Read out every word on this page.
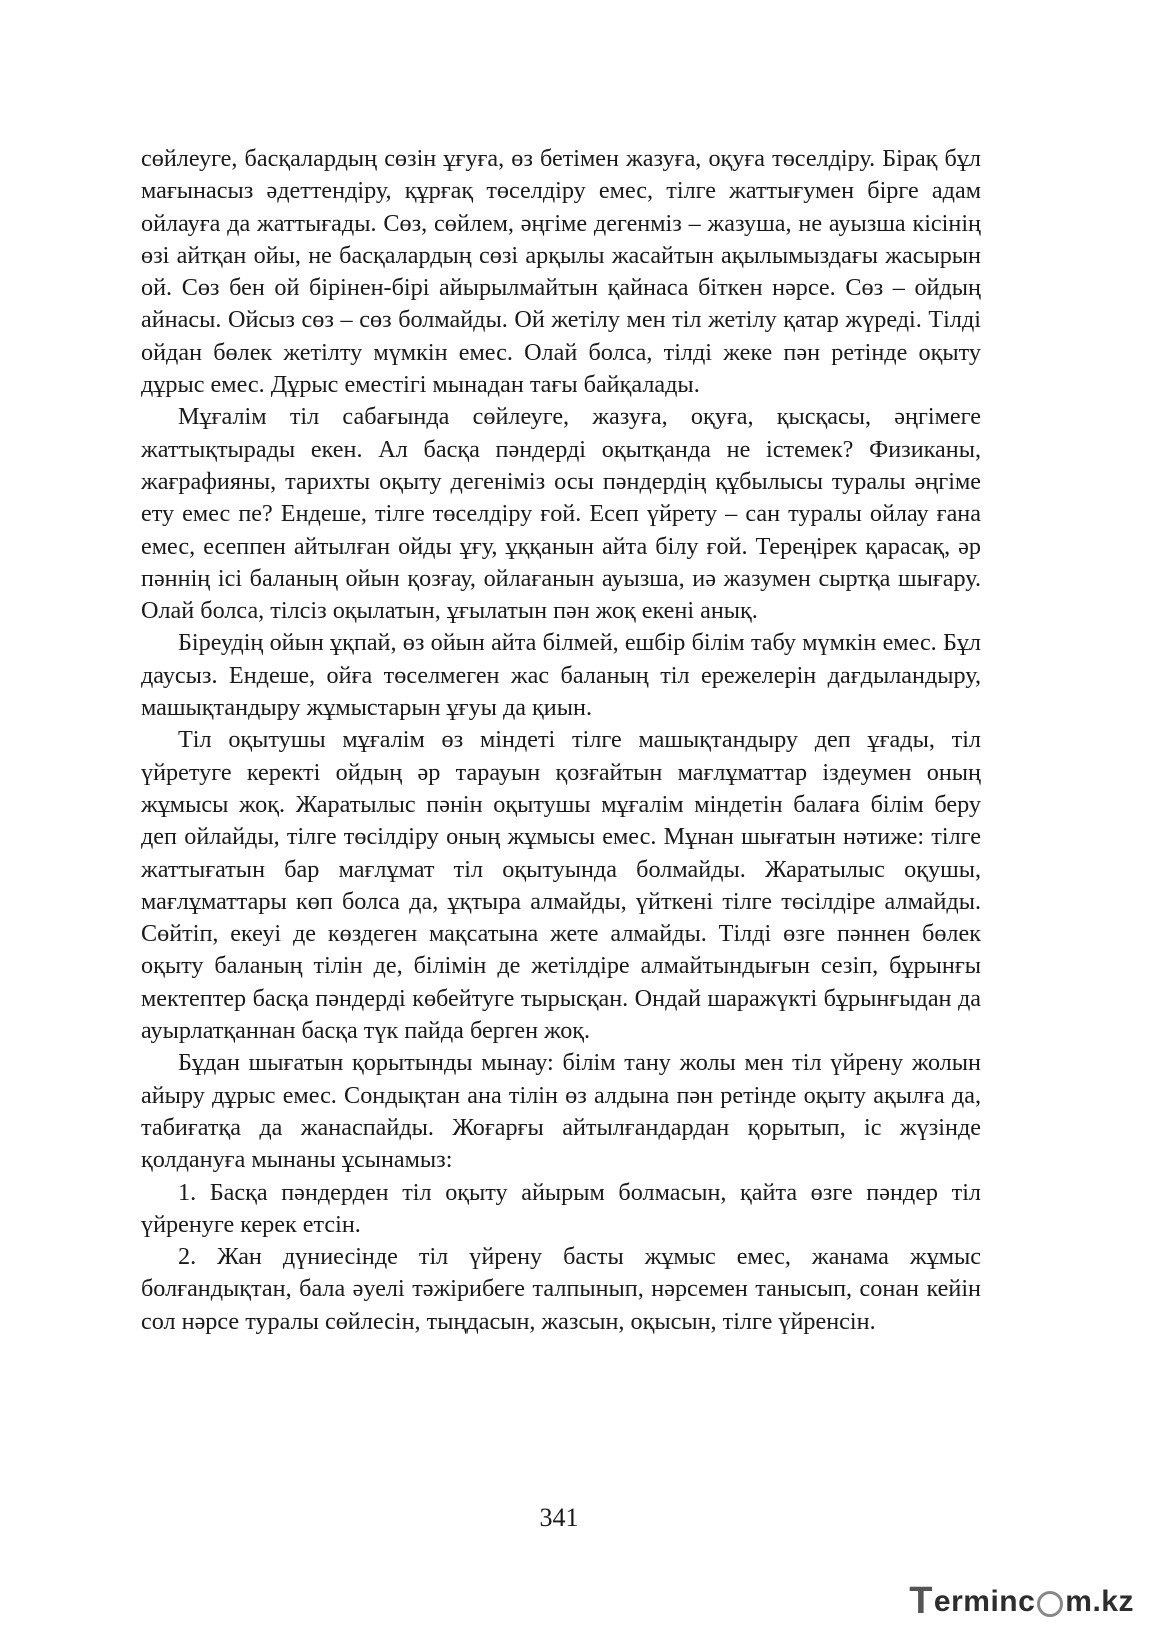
сөйлеуге, басқалардың сөзін ұғуға, өз бетімен жазуға, оқуға төселдіру. Бірақ бұл мағынасыз әдеттендіру, құрғақ төселдіру емес, тілге жаттығумен бірге адам ойлауға да жаттығады. Сөз, сөйлем, әңгіме дегенміз – жазуша, не ауызша кісінің өзі айтқан ойы, не басқалардың сөзі арқылы жасайтын ақылымыздағы жасырын ой. Сөз бен ой бірінен-бірі айырылмайтын қайнаса біткен нәрсе. Сөз – ойдың айнасы. Ойсыз сөз – сөз болмайды. Ой жетілу мен тіл жетілу қатар жүреді. Тілді ойдан бөлек жетілту мүмкін емес. Олай болса, тілді жеке пән ретінде оқыту дұрыс емес. Дұрыс еместігі мынадан тағы байқалады.

Мұғалім тіл сабағында сөйлеуге, жазуға, оқуға, қысқасы, әңгімеге жаттықтырады екен. Ал басқа пәндерді оқытқанда не істемек? Физиканы, жағрафияны, тарихты оқыту дегеніміз осы пәндердің құбылысы туралы әңгіме ету емес пе? Ендеше, тілге төселдіру ғой. Есеп үйрету – сан туралы ойлау ғана емес, есеппен айтылған ойды ұғу, ұққанын айта білу ғой. Тереңірек қарасақ, әр пәннің ісі баланың ойын қозғау, ойлағанын ауызша, иә жазумен сыртқа шығару. Олай болса, тілсіз оқылатын, ұғылатын пән жоқ екені анық.

Біреудің ойын ұқпай, өз ойын айта білмей, ешбір білім табу мүмкін емес. Бұл даусыз. Ендеше, ойға төселмеген жас баланың тіл ережелерін дағдыландыру, машықтандыру жұмыстарын ұғуы да қиын.

Тіл оқытушы мұғалім өз міндеті тілге машықтандыру деп ұғады, тіл үйретуге керекті ойдың әр тарауын қозғайтын мағлұматтар іздеумен оның жұмысы жоқ. Жаратылыс пәнін оқытушы мұғалім міндетін балаға білім беру деп ойлайды, тілге төсілдіру оның жұмысы емес. Мұнан шығатын нәтиже: тілге жаттығатын бар мағлұмат тіл оқытуында болмайды. Жаратылыс оқушы, мағлұматтары көп болса да, ұқтыра алмайды, үйткені тілге төсілдіре алмайды. Сөйтіп, екеуі де көздеген мақсатына жете алмайды. Тілді өзге пәннен бөлек оқыту баланың тілін де, білімін де жетілдіре алмайтындығын сезіп, бұрынғы мектептер басқа пәндерді көбейтуге тырысқан. Ондай шаражүкті бұрынғыдан да ауырлатқаннан басқа түк пайда берген жоқ.

Бұдан шығатын қорытынды мынау: білім тану жолы мен тіл үйрену жолын айыру дұрыс емес. Сондықтан ана тілін өз алдына пән ретінде оқыту ақылға да, табиғатқа да жанаспайды. Жоғарғы айтылғандардан қорытып, іс жүзінде қолдануға мынаны ұсынамыз:

1. Басқа пәндерден тіл оқыту айырым болмасын, қайта өзге пәндер тіл үйренуге керек етсін.

2. Жан дүниесінде тіл үйрену басты жұмыс емес, жанама жұмыс болғандықтан, бала әуелі тәжірибеге талпынып, нәрсемен танысып, сонан кейін сол нәрсе туралы сөйлесін, тыңдасын, жазсын, оқысын, тілге үйренсін.

341
T erminc m.kz
